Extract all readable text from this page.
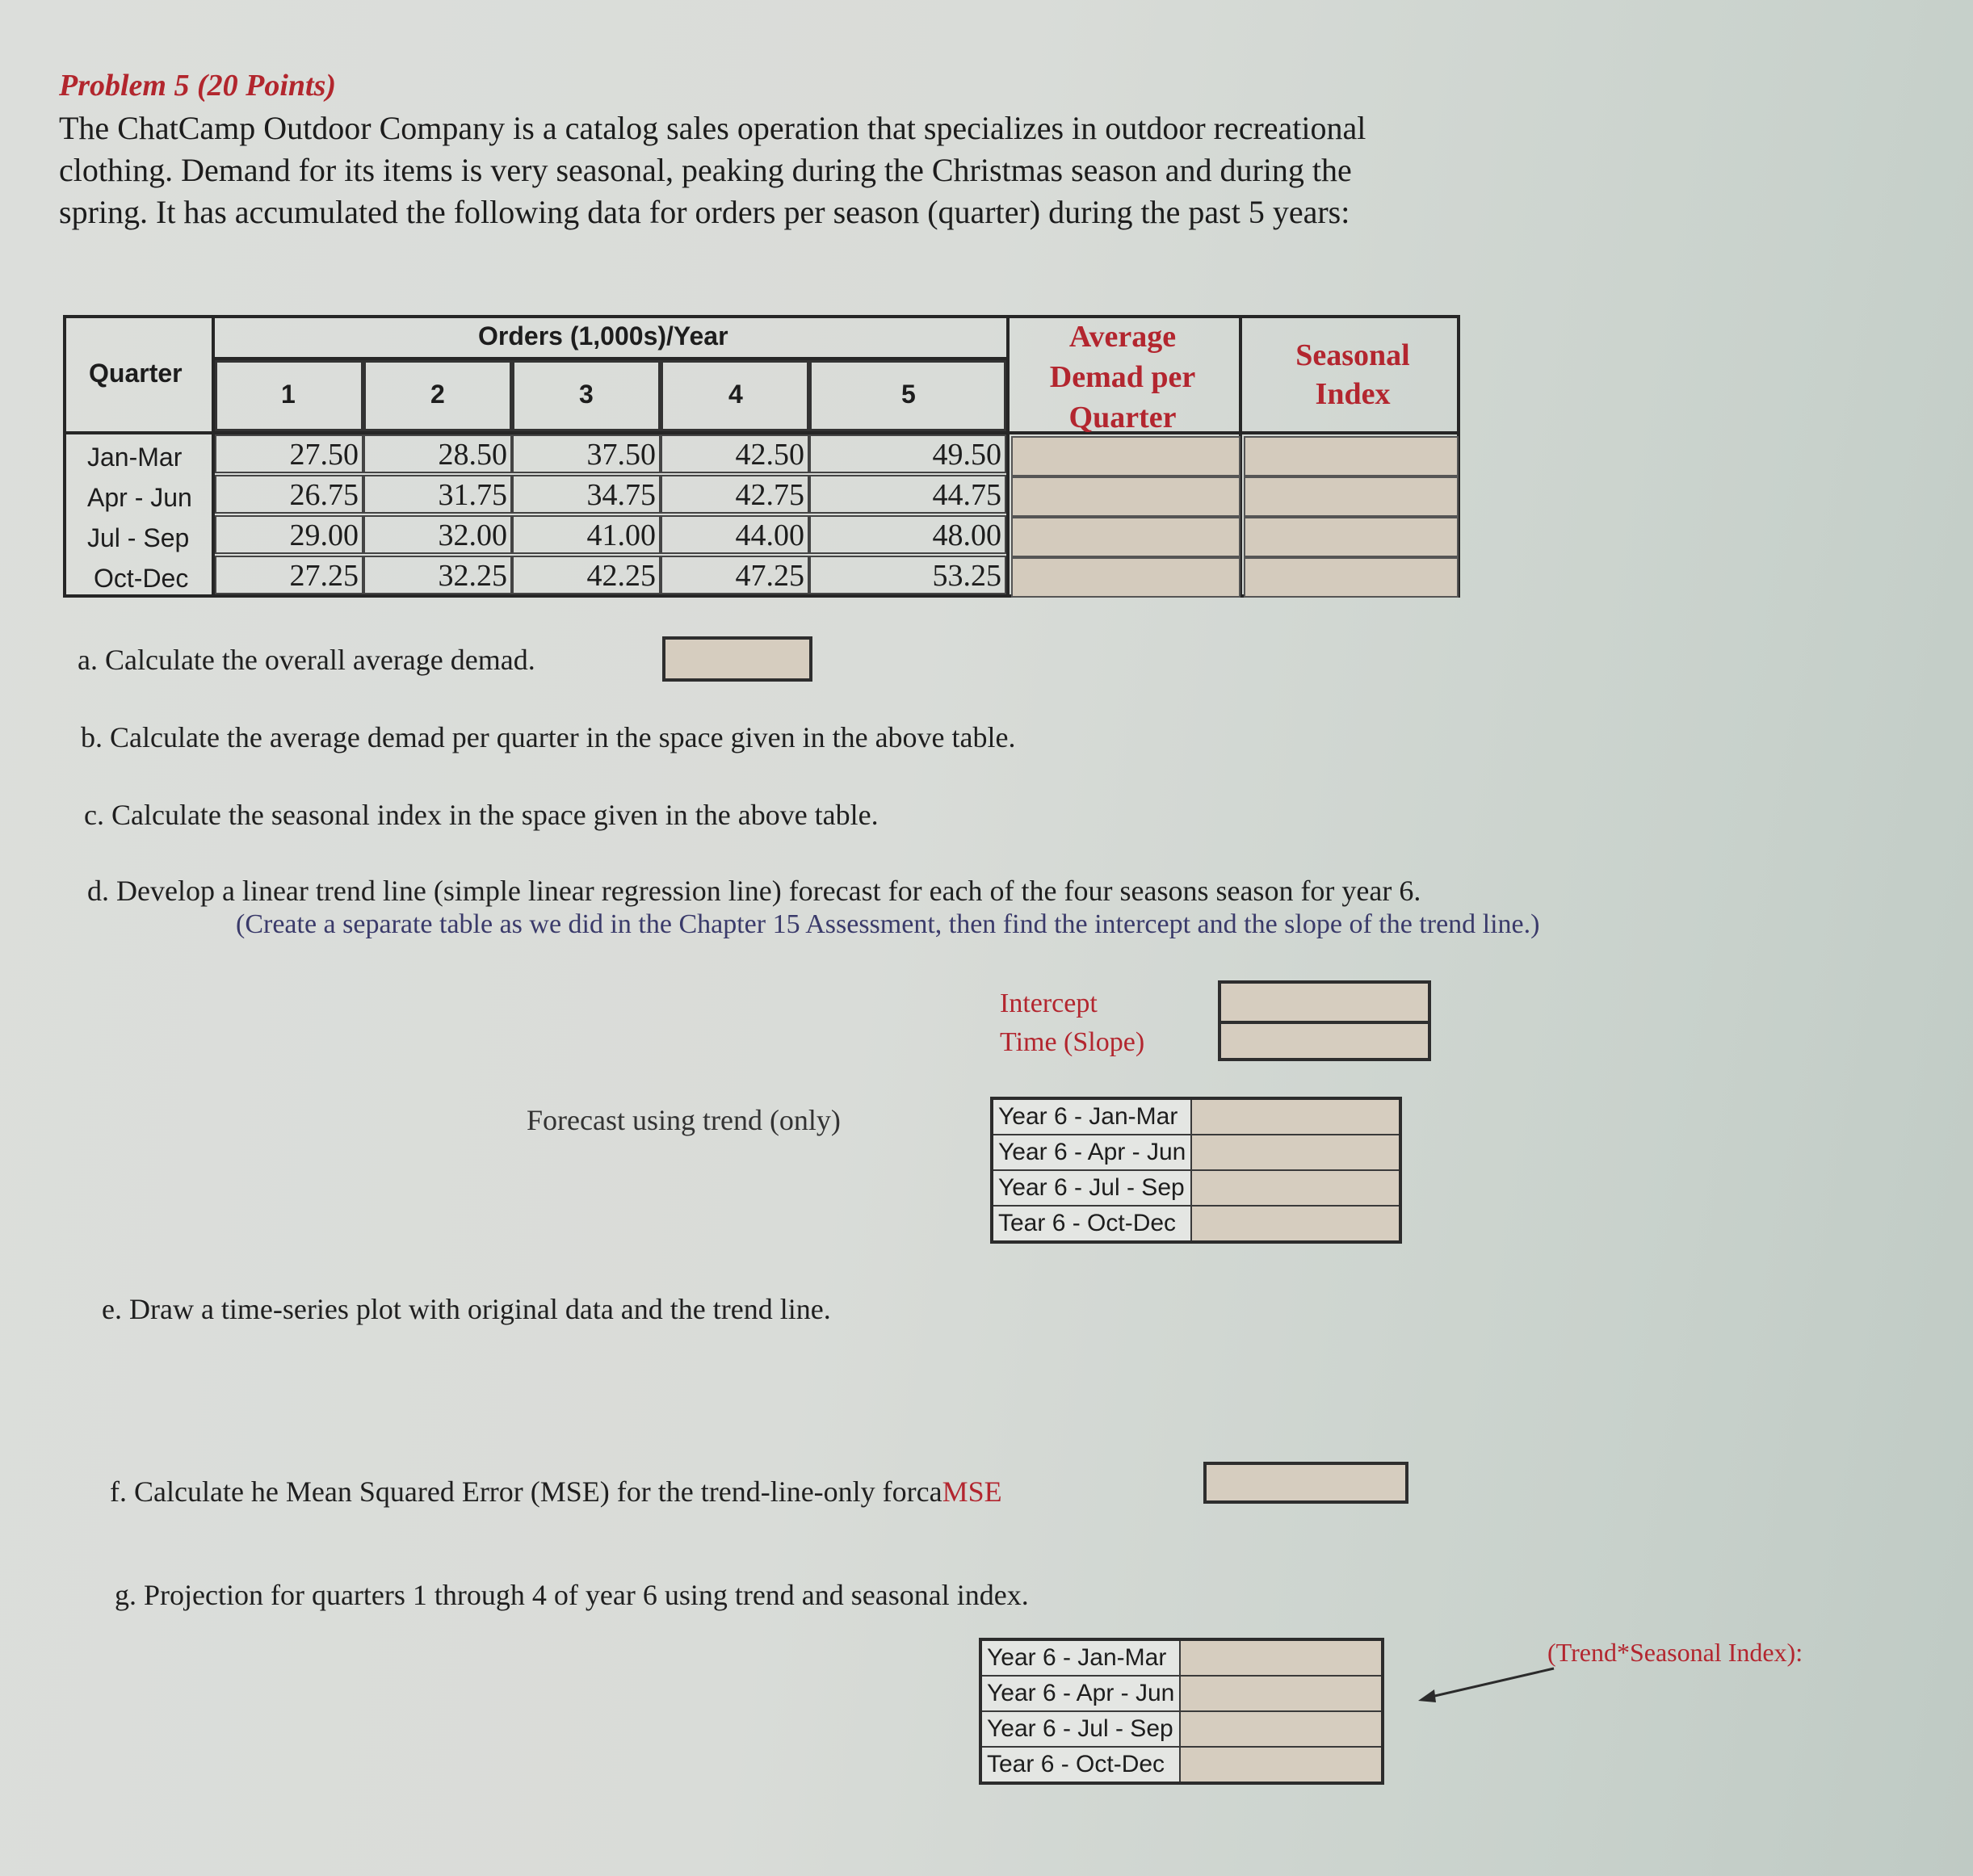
Problem 5 (20 Points)
The ChatCamp Outdoor Company is a catalog sales operation that specializes in outdoor recreational clothing. Demand for its items is very seasonal, peaking during the Christmas season and during the spring. It has accumulated the following data for orders per season (quarter) during the past 5 years:
Quarter
Orders (1,000s)/Year
1	2	3	4	5
Average Demad per Quarter
Seasonal Index
Jan-Mar	27.50	28.50	37.50	42.50	49.50
Apr - Jun	26.75	31.75	34.75	42.75	44.75
Jul - Sep	29.00	32.00	41.00	44.00	48.00
Oct-Dec	27.25	32.25	42.25	47.25	53.25
a. Calculate the overall average demad.
b. Calculate the average demad per quarter in the space given in the above table.
c. Calculate the seasonal index in the space given in the above table.
d. Develop a linear trend line (simple linear regression line) forecast for each of the four seasons season for year 6.
(Create a separate table as we did in the Chapter 15 Assessment, then find the intercept and the slope of the trend line.)
Intercept
Time (Slope)
Forecast using trend (only)	Year 6 - Jan-Mar	
Year 6 - Apr - Jun	
Year 6 - Jul - Sep	
Tear 6 - Oct-Dec	
e. Draw a time-series plot with original data and the trend line.
f. Calculate he Mean Squared Error (MSE) for the trend-line-only forcaMSE
g. Projection for quarters 1 through 4 of year 6 using trend and seasonal index.
Year 6 - Jan-Mar	
Year 6 - Apr - Jun	
Year 6 - Jul - Sep	
Tear 6 - Oct-Dec	
(Trend*Seasonal Index):
